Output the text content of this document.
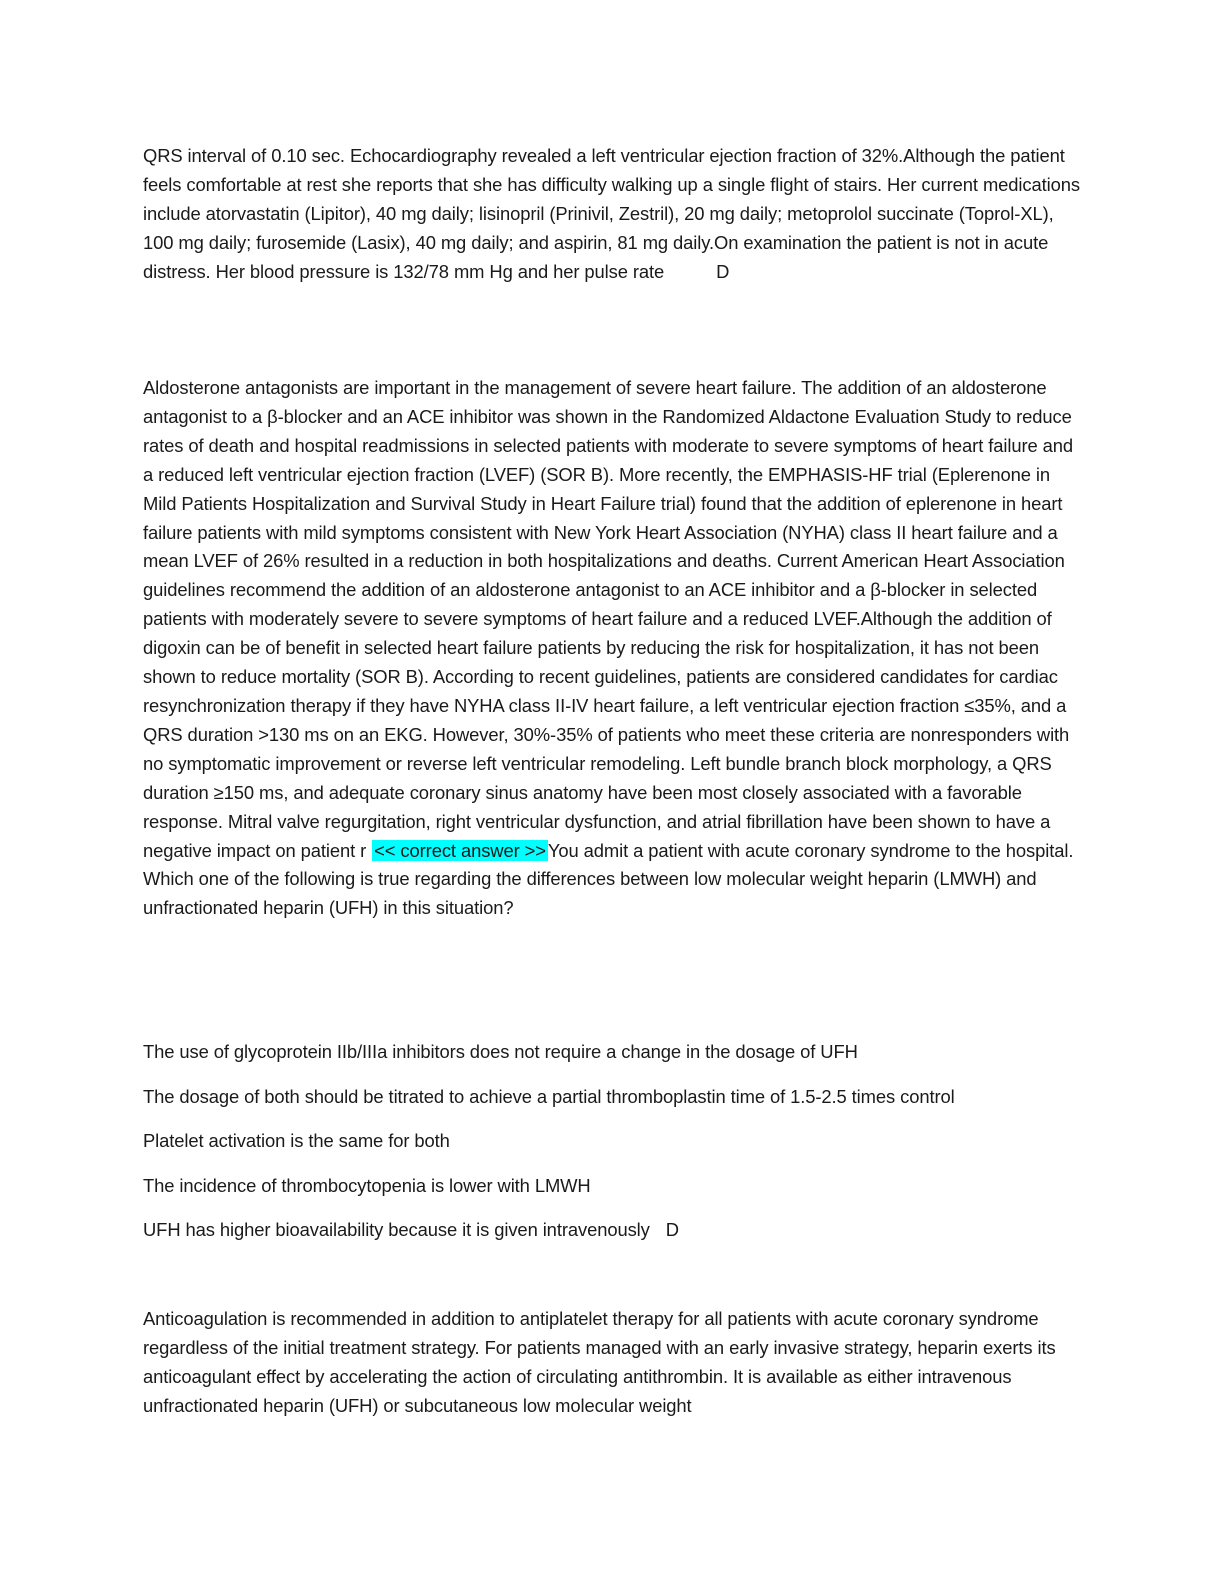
QRS interval of 0.10 sec. Echocardiography revealed a left ventricular ejection fraction of 32%.Although the patient feels comfortable at rest she reports that she has difficulty walking up a single flight of stairs. Her current medications include atorvastatin (Lipitor), 40 mg daily; lisinopril (Prinivil, Zestril), 20 mg daily; metoprolol succinate (Toprol-XL), 100 mg daily; furosemide (Lasix), 40 mg daily; and aspirin, 81 mg daily.On examination the patient is not in acute distress. Her blood pressure is 132/78 mm Hg and her pulse rate	D

Aldosterone antagonists are important in the management of severe heart failure. The addition of an aldosterone antagonist to a β-blocker and an ACE inhibitor was shown in the Randomized Aldactone Evaluation Study to reduce rates of death and hospital readmissions in selected patients with moderate to severe symptoms of heart failure and a reduced left ventricular ejection fraction (LVEF) (SOR B). More recently, the EMPHASIS-HF trial (Eplerenone in Mild Patients Hospitalization and Survival Study in Heart Failure trial) found that the addition of eplerenone in heart failure patients with mild symptoms consistent with New York Heart Association (NYHA) class II heart failure and a mean LVEF of 26% resulted in a reduction in both hospitalizations and deaths. Current American Heart Association guidelines recommend the addition of an aldosterone antagonist to an ACE inhibitor and a β-blocker in selected patients with moderately severe to severe symptoms of heart failure and a reduced LVEF.Although the addition of digoxin can be of benefit in selected heart failure patients by reducing the risk for hospitalization, it has not been shown to reduce mortality (SOR B). According to recent guidelines, patients are considered candidates for cardiac resynchronization therapy if they have NYHA class II-IV heart failure, a left ventricular ejection fraction ≤35%, and a QRS duration >130 ms on an EKG. However, 30%-35% of patients who meet these criteria are nonresponders with no symptomatic improvement or reverse left ventricular remodeling. Left bundle branch block morphology, a QRS duration ≥150 ms, and adequate coronary sinus anatomy have been most closely associated with a favorable response. Mitral valve regurgitation, right ventricular dysfunction, and atrial fibrillation have been shown to have a negative impact on patient r << correct answer >> You admit a patient with acute coronary syndrome to the hospital. Which one of the following is true regarding the differences between low molecular weight heparin (LMWH) and unfractionated heparin (UFH) in this situation?

The use of glycoprotein IIb/IIIa inhibitors does not require a change in the dosage of UFH
The dosage of both should be titrated to achieve a partial thromboplastin time of 1.5-2.5 times control
Platelet activation is the same for both
The incidence of thrombocytopenia is lower with LMWH
UFH has higher bioavailability because it is given intravenously D

Anticoagulation is recommended in addition to antiplatelet therapy for all patients with acute coronary syndrome regardless of the initial treatment strategy. For patients managed with an early invasive strategy, heparin exerts its anticoagulant effect by accelerating the action of circulating antithrombin. It is available as either intravenous unfractionated heparin (UFH) or subcutaneous low molecular weight
